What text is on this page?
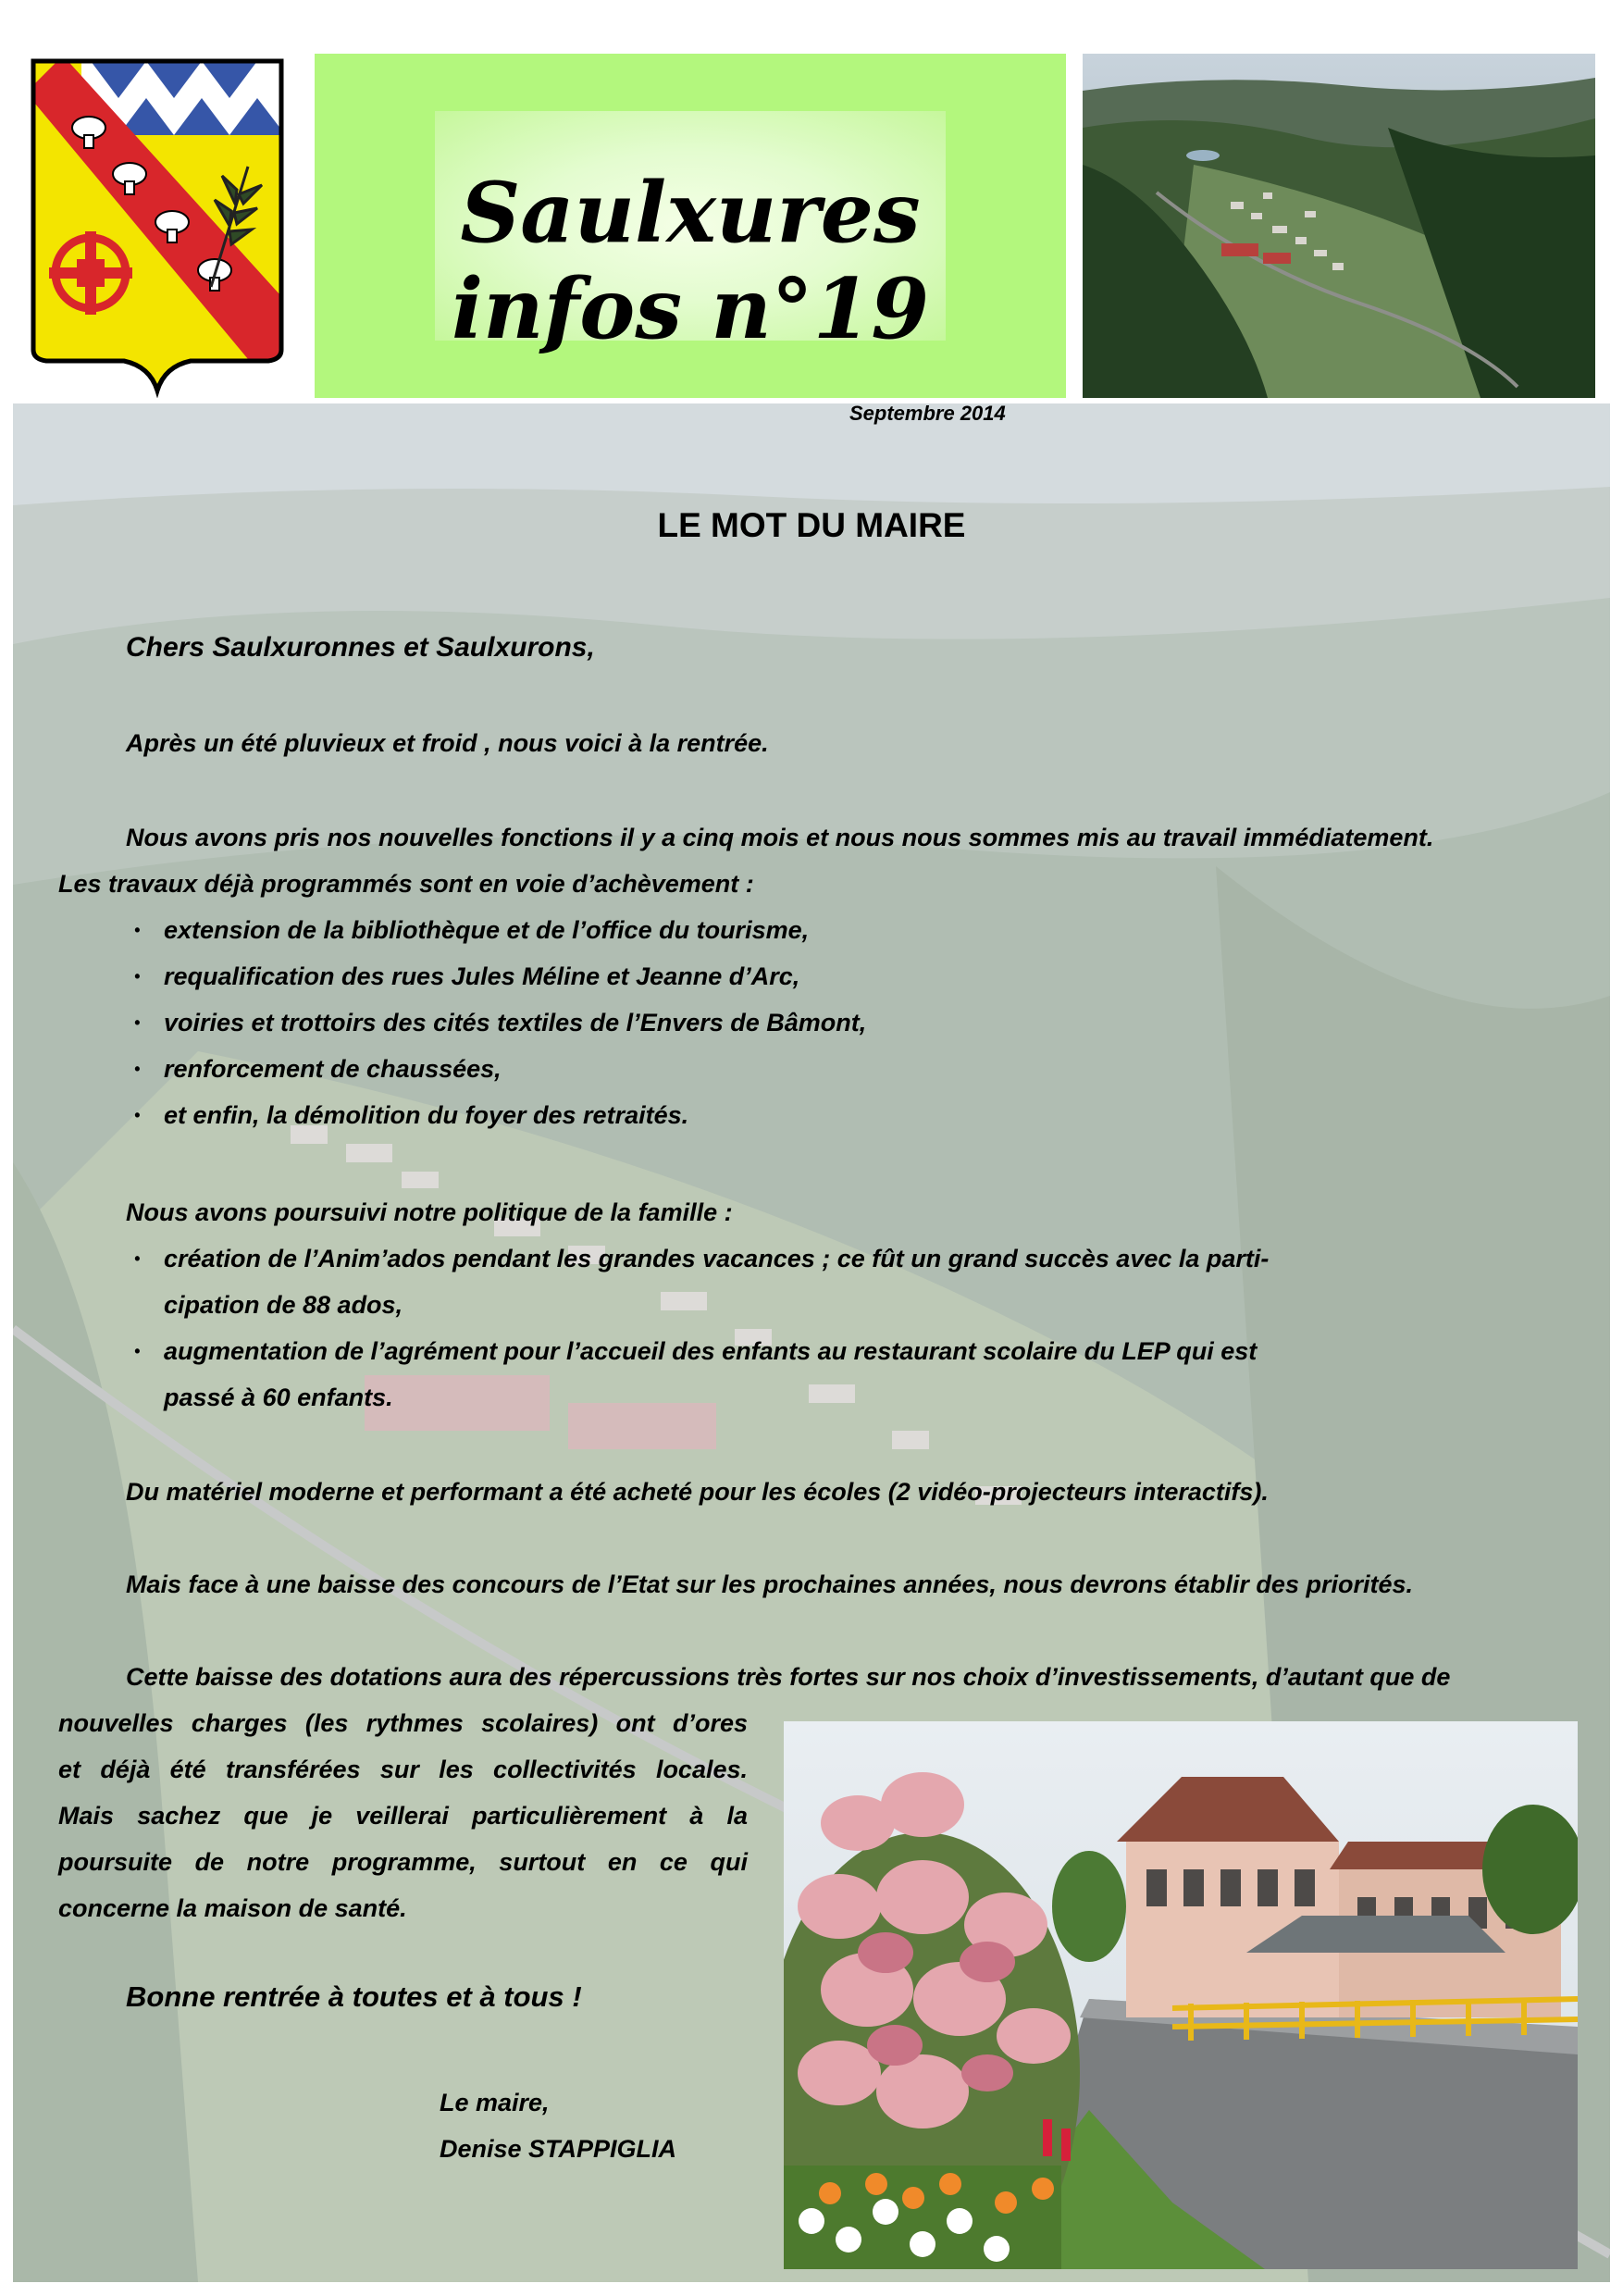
Saulxures
infos n°19
Septembre 2014
LE MOT DU MAIRE

Chers Saulxuronnes et Saulxurons,

Après un été pluvieux et froid , nous voici à la rentrée.

Nous avons pris nos nouvelles fonctions il y a cinq mois et nous nous sommes mis au travail immédiatement.

Les travaux déjà programmés sont en voie d’achèvement :

• extension de la bibliothèque et de l’office du tourisme,

• requalification des rues Jules Méline et Jeanne d’Arc,

• voiries et trottoirs des cités textiles de l’Envers de Bâmont,

• renforcement de chaussées,

• et enfin, la démolition du foyer des retraités.

Nous avons poursuivi notre politique de la famille :

• création de l’Anim’ados pendant les grandes vacances ; ce fût un grand succès avec la parti-

cipation de 88 ados,

• augmentation de l’agrément pour l’accueil des enfants au restaurant scolaire du LEP qui est

passé à 60 enfants.

Du matériel moderne et performant a été acheté pour les écoles (2 vidéo-projecteurs interactifs).

Mais face à une baisse des concours de l’Etat sur les prochaines années, nous devrons établir des priorités.

Cette baisse des dotations aura des répercussions très fortes sur nos choix d’investissements, d’autant que de

nouvelles charges (les rythmes scolaires) ont d’ores

et déjà été transférées sur les collectivités locales.

Mais sachez que je veillerai particulièrement à la

poursuite de notre programme, surtout en ce qui

concerne la maison de santé.

Bonne rentrée à toutes et à tous !

Le maire,

Denise STAPPIGLIA
